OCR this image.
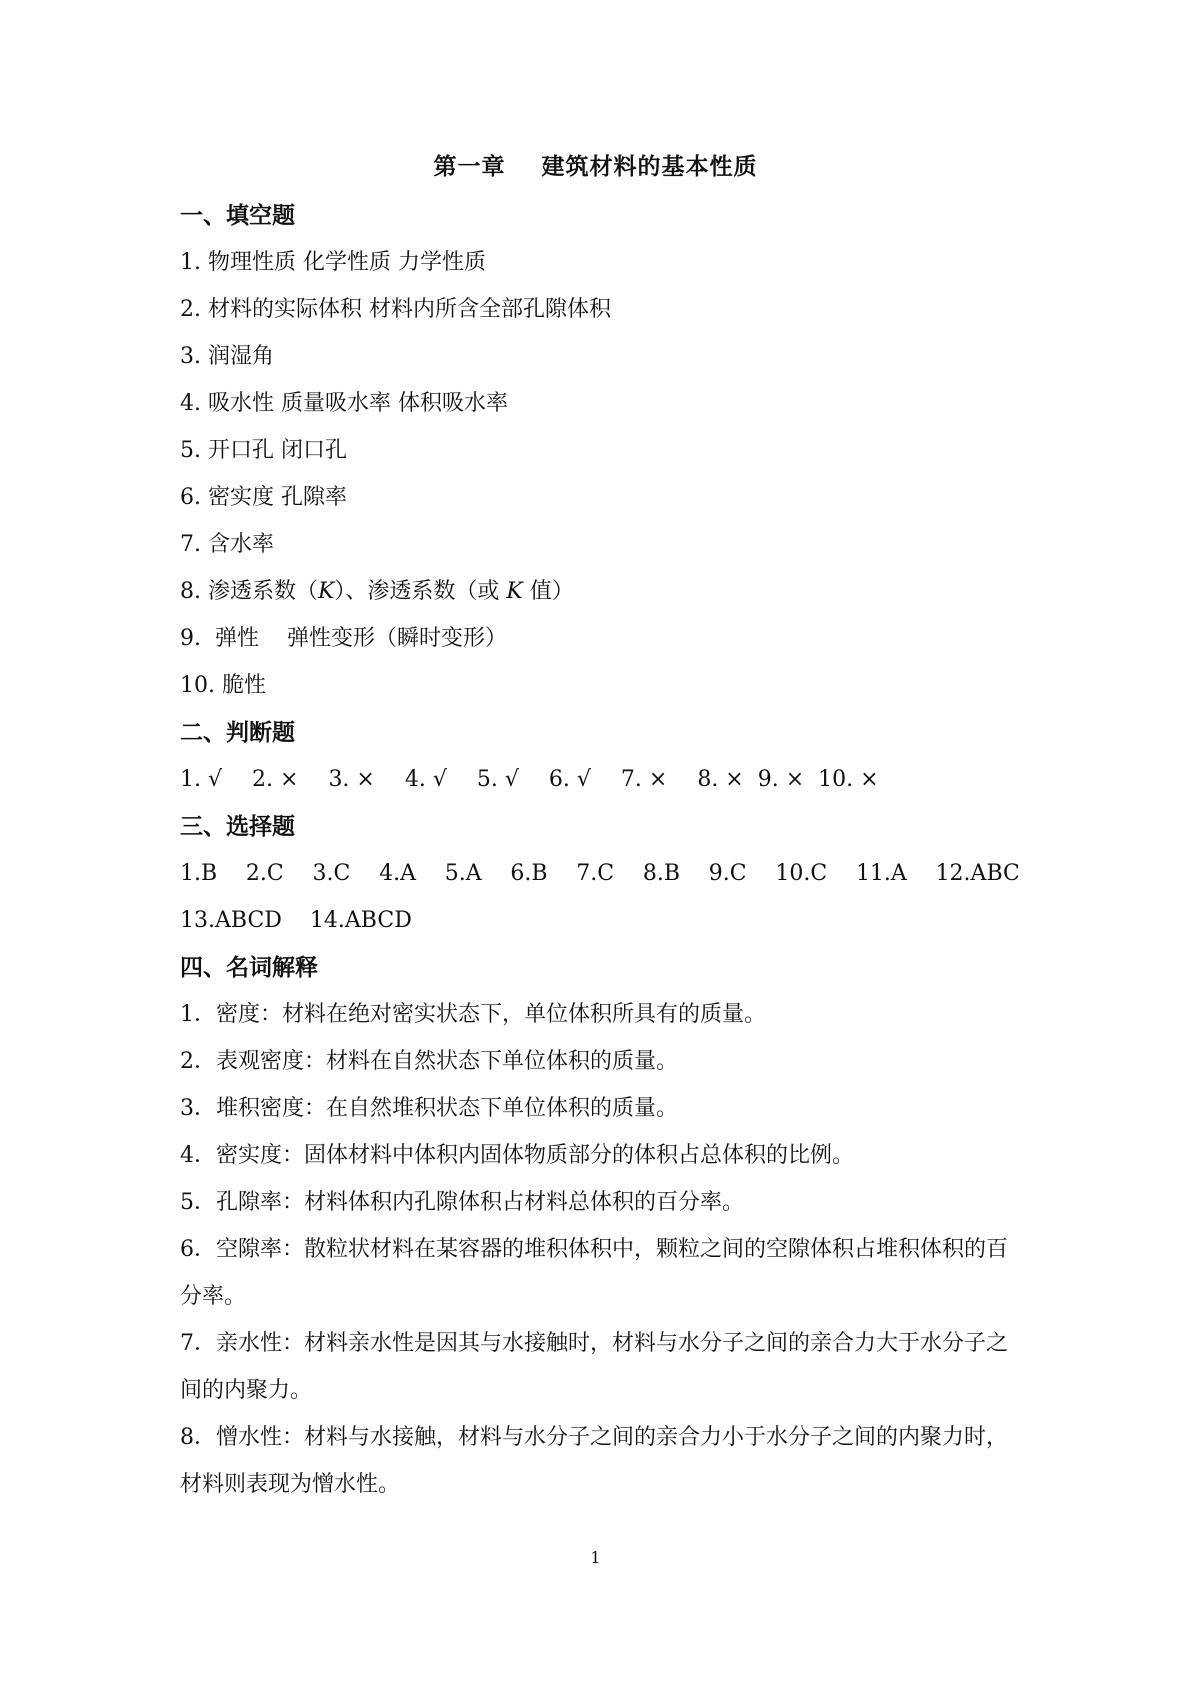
第一章    建筑材料的基本性质
一、填空题
1. 物理性质 化学性质 力学性质
2. 材料的实际体积 材料内所含全部孔隙体积
3. 润湿角
4. 吸水性 质量吸水率 体积吸水率
5. 开口孔 闭口孔
6. 密实度 孔隙率
7. 含水率
8. 渗透系数（K）、渗透系数（或 K 值）
9.  弹性    弹性变形（瞬时变形）
10. 脆性
二、判断题
1. √ 2. × 3. × 4. √ 5. √ 6. √ 7. × 8. × 9. × 10. ×
三、选择题
1.B 2.C 3.C 4.A 5.A 6.B 7.C 8.B 9.C 10.C 11.A 12.ABC
13.ABCD 14.ABCD
四、名词解释
1．密度：材料在绝对密实状态下，单位体积所具有的质量。
2．表观密度：材料在自然状态下单位体积的质量。
3．堆积密度：在自然堆积状态下单位体积的质量。
4．密实度：固体材料中体积内固体物质部分的体积占总体积的比例。
5．孔隙率：材料体积内孔隙体积占材料总体积的百分率。
6．空隙率：散粒状材料在某容器的堆积体积中，颗粒之间的空隙体积占堆积体积的百分率。
7．亲水性：材料亲水性是因其与水接触时，材料与水分子之间的亲合力大于水分子之间的内聚力。
8．憎水性：材料与水接触，材料与水分子之间的亲合力小于水分子之间的内聚力时，材料则表现为憎水性。
1
